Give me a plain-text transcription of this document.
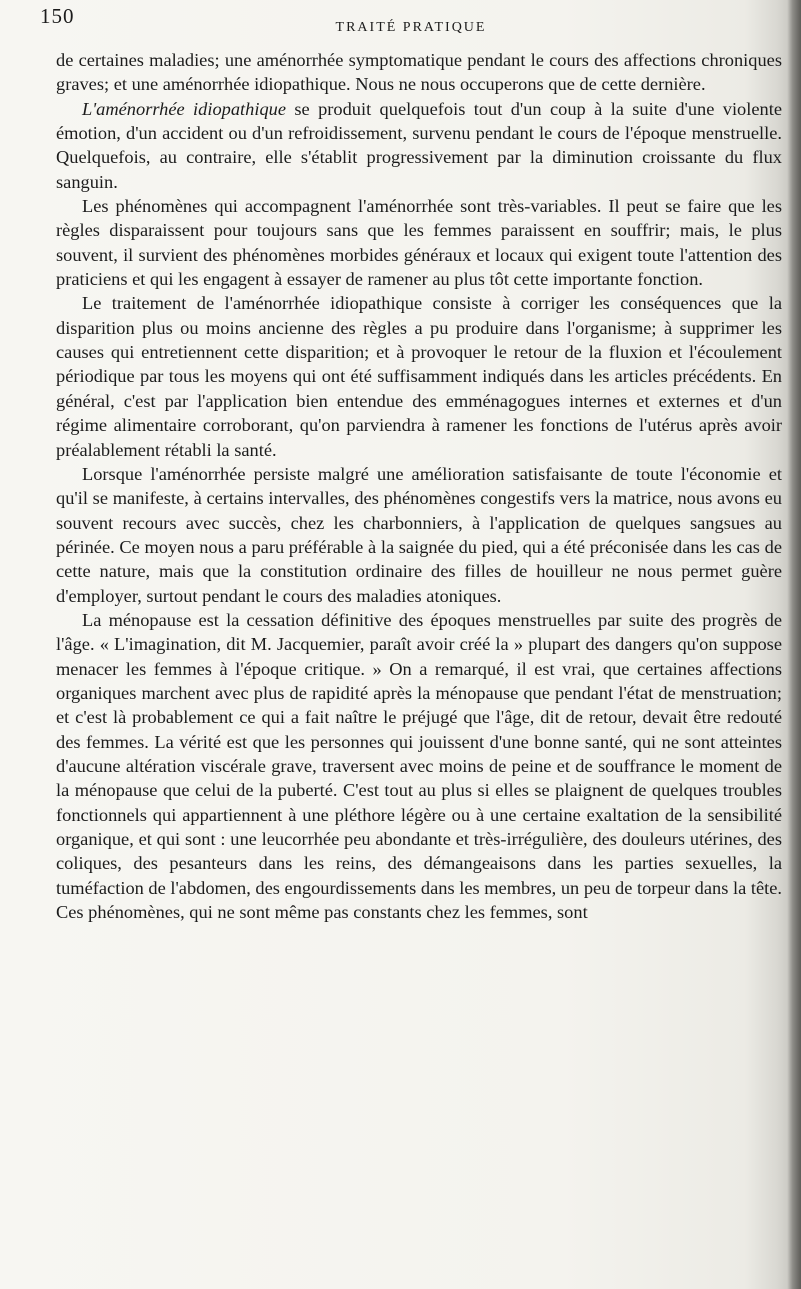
150	TRAITÉ PRATIQUE

de certaines maladies; une aménorrhée symptomatique pendant le cours des affections chroniques graves; et une aménorrhée idiopathique. Nous ne nous occuperons que de cette dernière.

L'aménorrhée idiopathique se produit quelquefois tout d'un coup à la suite d'une violente émotion, d'un accident ou d'un refroidissement, survenu pendant le cours de l'époque menstruelle. Quelquefois, au contraire, elle s'établit progressivement par la diminution croissante du flux sanguin.

Les phénomènes qui accompagnent l'aménorrhée sont très-variables. Il peut se faire que les règles disparaissent pour toujours sans que les femmes paraissent en souffrir; mais, le plus souvent, il survient des phénomènes morbides généraux et locaux qui exigent toute l'attention des praticiens et qui les engagent à essayer de ramener au plus tôt cette importante fonction.

Le traitement de l'aménorrhée idiopathique consiste à corriger les conséquences que la disparition plus ou moins ancienne des règles a pu produire dans l'organisme; à supprimer les causes qui entretiennent cette disparition; et à provoquer le retour de la fluxion et l'écoulement périodique par tous les moyens qui ont été suffisamment indiqués dans les articles précédents. En général, c'est par l'application bien entendue des emménagogues internes et externes et d'un régime alimentaire corroborant, qu'on parviendra à ramener les fonctions de l'utérus après avoir préalablement rétabli la santé.

Lorsque l'aménorrhée persiste malgré une amélioration satisfaisante de toute l'économie et qu'il se manifeste, à certains intervalles, des phénomènes congestifs vers la matrice, nous avons eu souvent recours avec succès, chez les charbonniers, à l'application de quelques sangsues au périnée. Ce moyen nous a paru préférable à la saignée du pied, qui a été préconisée dans les cas de cette nature, mais que la constitution ordinaire des filles de houilleur ne nous permet guère d'employer, surtout pendant le cours des maladies atoniques.

La ménopause est la cessation définitive des époques menstruelles par suite des progrès de l'âge. « L'imagination, dit M. Jacquemier, paraît avoir créé la » plupart des dangers qu'on suppose menacer les femmes à l'époque critique. » On a remarqué, il est vrai, que certaines affections organiques marchent avec plus de rapidité après la ménopause que pendant l'état de menstruation; et c'est là probablement ce qui a fait naître le préjugé que l'âge, dit de retour, devait être redouté des femmes. La vérité est que les personnes qui jouissent d'une bonne santé, qui ne sont atteintes d'aucune altération viscérale grave, traversent avec moins de peine et de souffrance le moment de la ménopause que celui de la puberté. C'est tout au plus si elles se plaignent de quelques troubles fonctionnels qui appartiennent à une pléthore légère ou à une certaine exaltation de la sensibilité organique, et qui sont : une leucorrhée peu abondante et très-irrégulière, des douleurs utérines, des coliques, des pesanteurs dans les reins, des démangeaisons dans les parties sexuelles, la tuméfaction de l'abdomen, des engourdissements dans les membres, un peu de torpeur dans la tête. Ces phénomènes, qui ne sont même pas constants chez les femmes, sont
